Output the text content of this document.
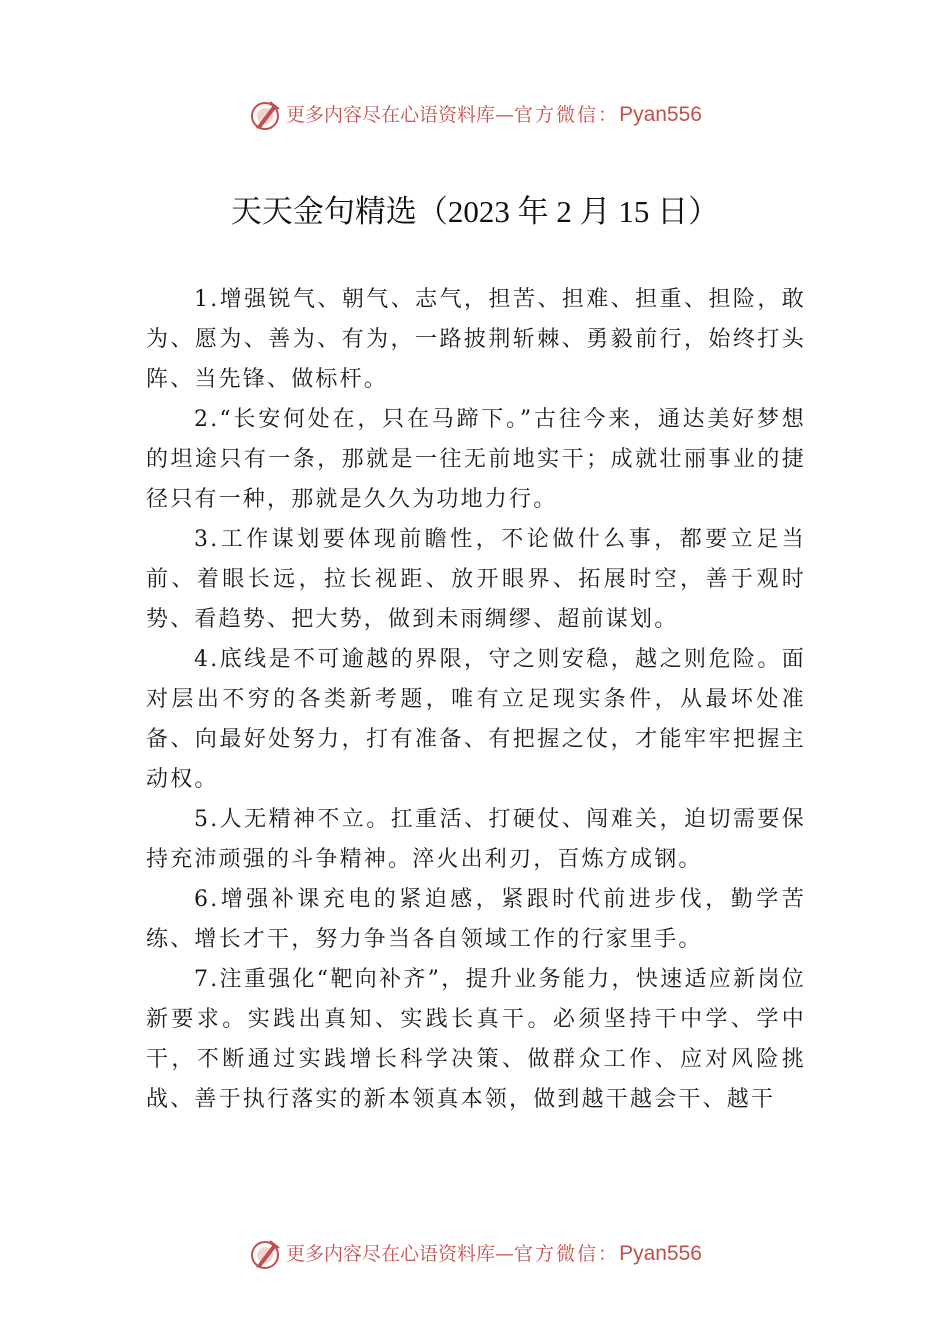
更多内容尽在心语资料库— 官方微信： Pyan556
天天金句精选（2023 年 2 月 15 日）

1.增强锐气、朝气、志气，担苦、担难、担重、担险，敢 为、愿为、善为、有为，一路披荆斩棘、勇毅前行，始终打头阵、当先锋、做标杆。

2.“长安何处在，只在马蹄下。”古往今来，通达美好梦想的坦途只有一条，那就是一往无前地实干；成就壮丽事业的捷径只有一种，那就是久久为功地力行。

3.工作谋划要体现前瞻性，不论做什么事，都要立足当前、着眼长远，拉长视距、放开眼界、拓展时空，善于观时势、看趋势、把大势，做到未雨绸缪、超前谋划。

4.底线是不可逾越的界限，守之则安稳，越之则危险。面对层出不穷的各类新考题，唯有立足现实条件，从最坏处准备、向最好处努力，打有准备、有把握之仗，才能牢牢把握主动权。

5.人无精神不立。扛重活、打硬仗、闯难关，迫切需要保持充沛顽强的斗争精神。淬火出利刃，百炼方成钢。

6.增强补课充电的紧迫感，紧跟时代前进步伐，勤学苦练、增长才干，努力争当各自领域工作的行家里手。

7.注重强化“靶向补齐”，提升业务能力，快速适应新岗位新要求。实践出真知、实践长真干。必须坚持干中学、学中干，不断通过实践增长科学决策、做群众工作、应对风险挑战、善于执行落实的新本领真本领，做到越干越会干、越干

更多内容尽在心语资料库— 官方微信： Pyan556
